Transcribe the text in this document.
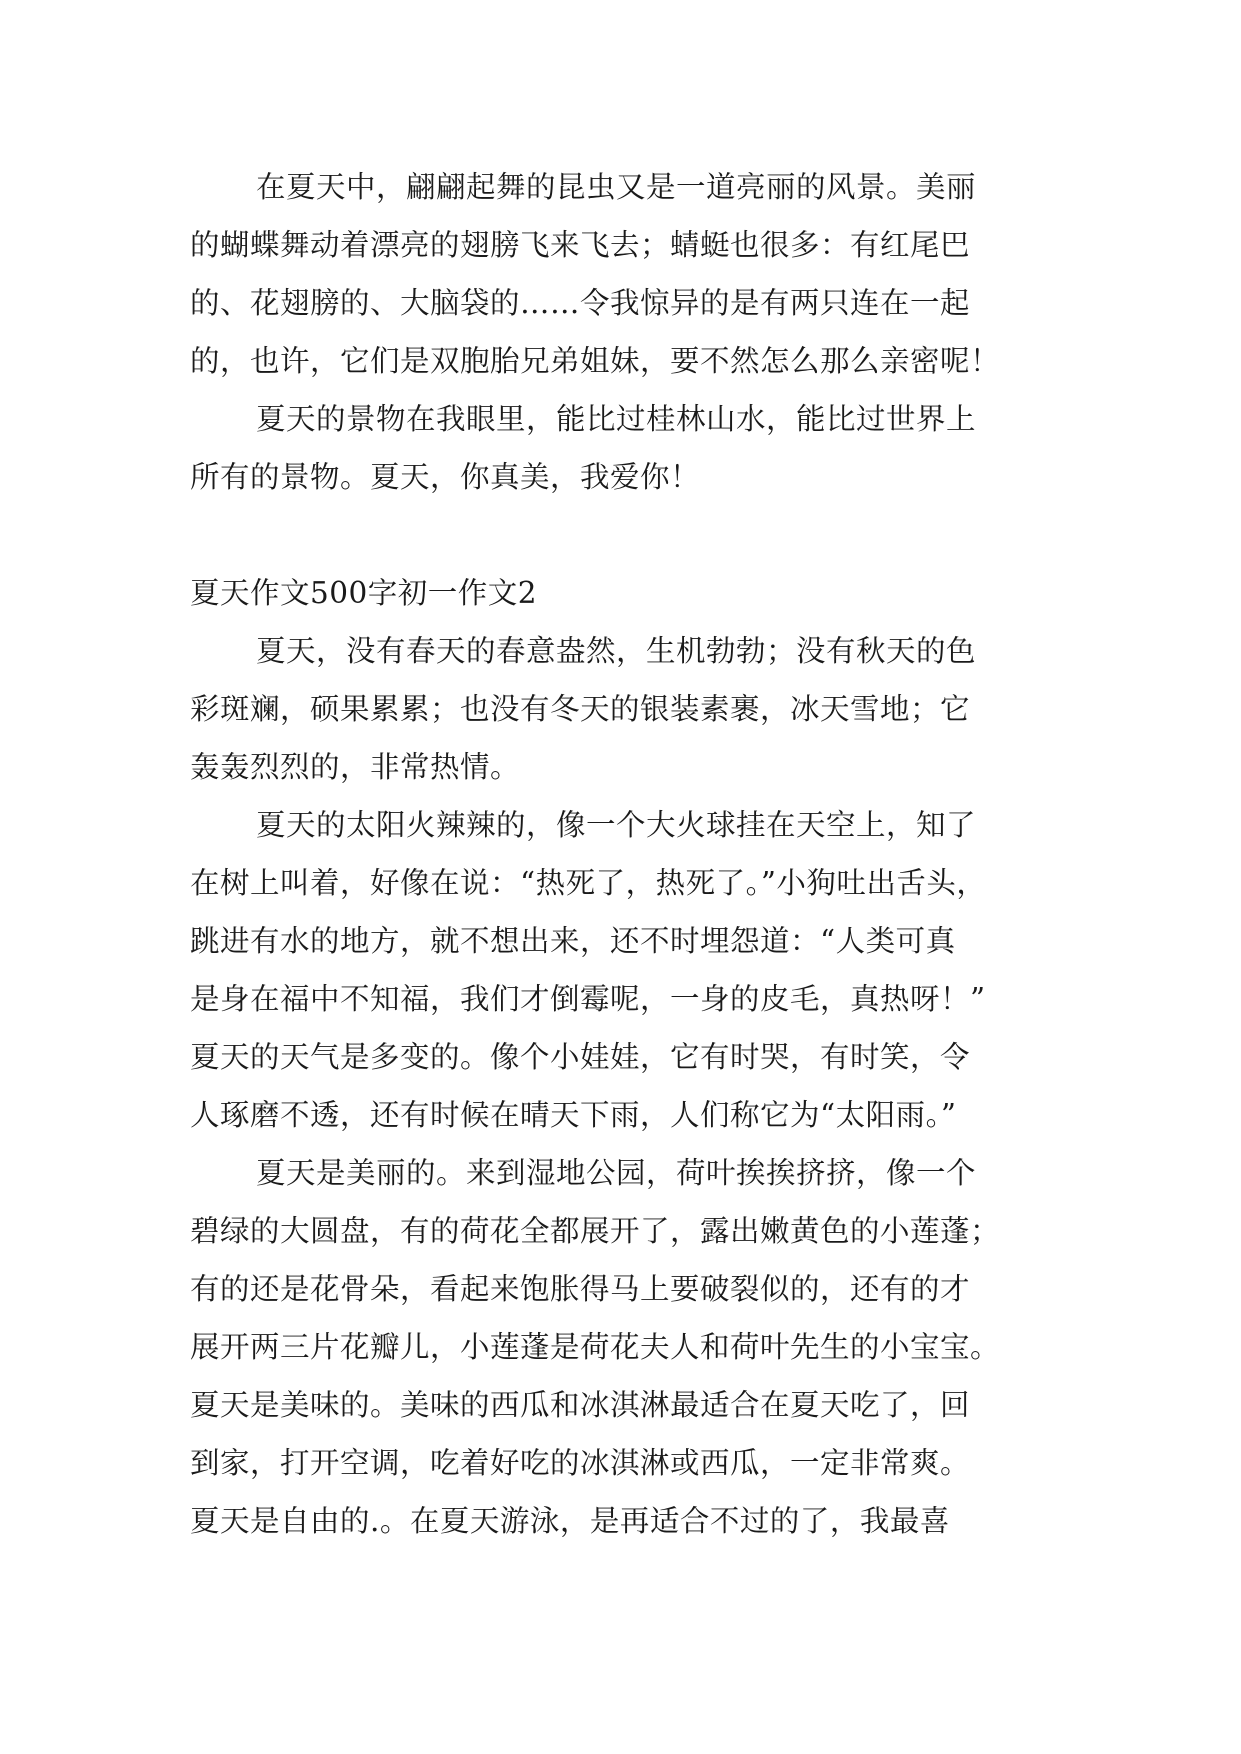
在夏天中，翩翩起舞的昆虫又是一道亮丽的风景。美丽
的蝴蝶舞动着漂亮的翅膀飞来飞去；蜻蜓也很多：有红尾巴
的、花翅膀的、大脑袋的……令我惊异的是有两只连在一起
的，也许，它们是双胞胎兄弟姐妹，要不然怎么那么亲密呢！
夏天的景物在我眼里，能比过桂林山水，能比过世界上
所有的景物。夏天，你真美，我爱你！
夏天作文500字初一作文2
夏天，没有春天的春意盎然，生机勃勃；没有秋天的色
彩斑斓，硕果累累；也没有冬天的银装素裹，冰天雪地；它
轰轰烈烈的，非常热情。
夏天的太阳火辣辣的，像一个大火球挂在天空上，知了
在树上叫着，好像在说：“热死了，热死了。”小狗吐出舌头，
跳进有水的地方，就不想出来，还不时埋怨道：“人类可真
是身在福中不知福，我们才倒霉呢，一身的皮毛，真热呀！”
夏天的天气是多变的。像个小娃娃，它有时哭，有时笑，令
人琢磨不透，还有时候在晴天下雨，人们称它为“太阳雨。”
夏天是美丽的。来到湿地公园，荷叶挨挨挤挤，像一个
碧绿的大圆盘，有的荷花全都展开了，露出嫩黄色的小莲蓬；
有的还是花骨朵，看起来饱胀得马上要破裂似的，还有的才
展开两三片花瓣儿，小莲蓬是荷花夫人和荷叶先生的小宝宝。
夏天是美味的。美味的西瓜和冰淇淋最适合在夏天吃了，回
到家，打开空调，吃着好吃的冰淇淋或西瓜，一定非常爽。
夏天是自由的.。在夏天游泳，是再适合不过的了，我最喜
